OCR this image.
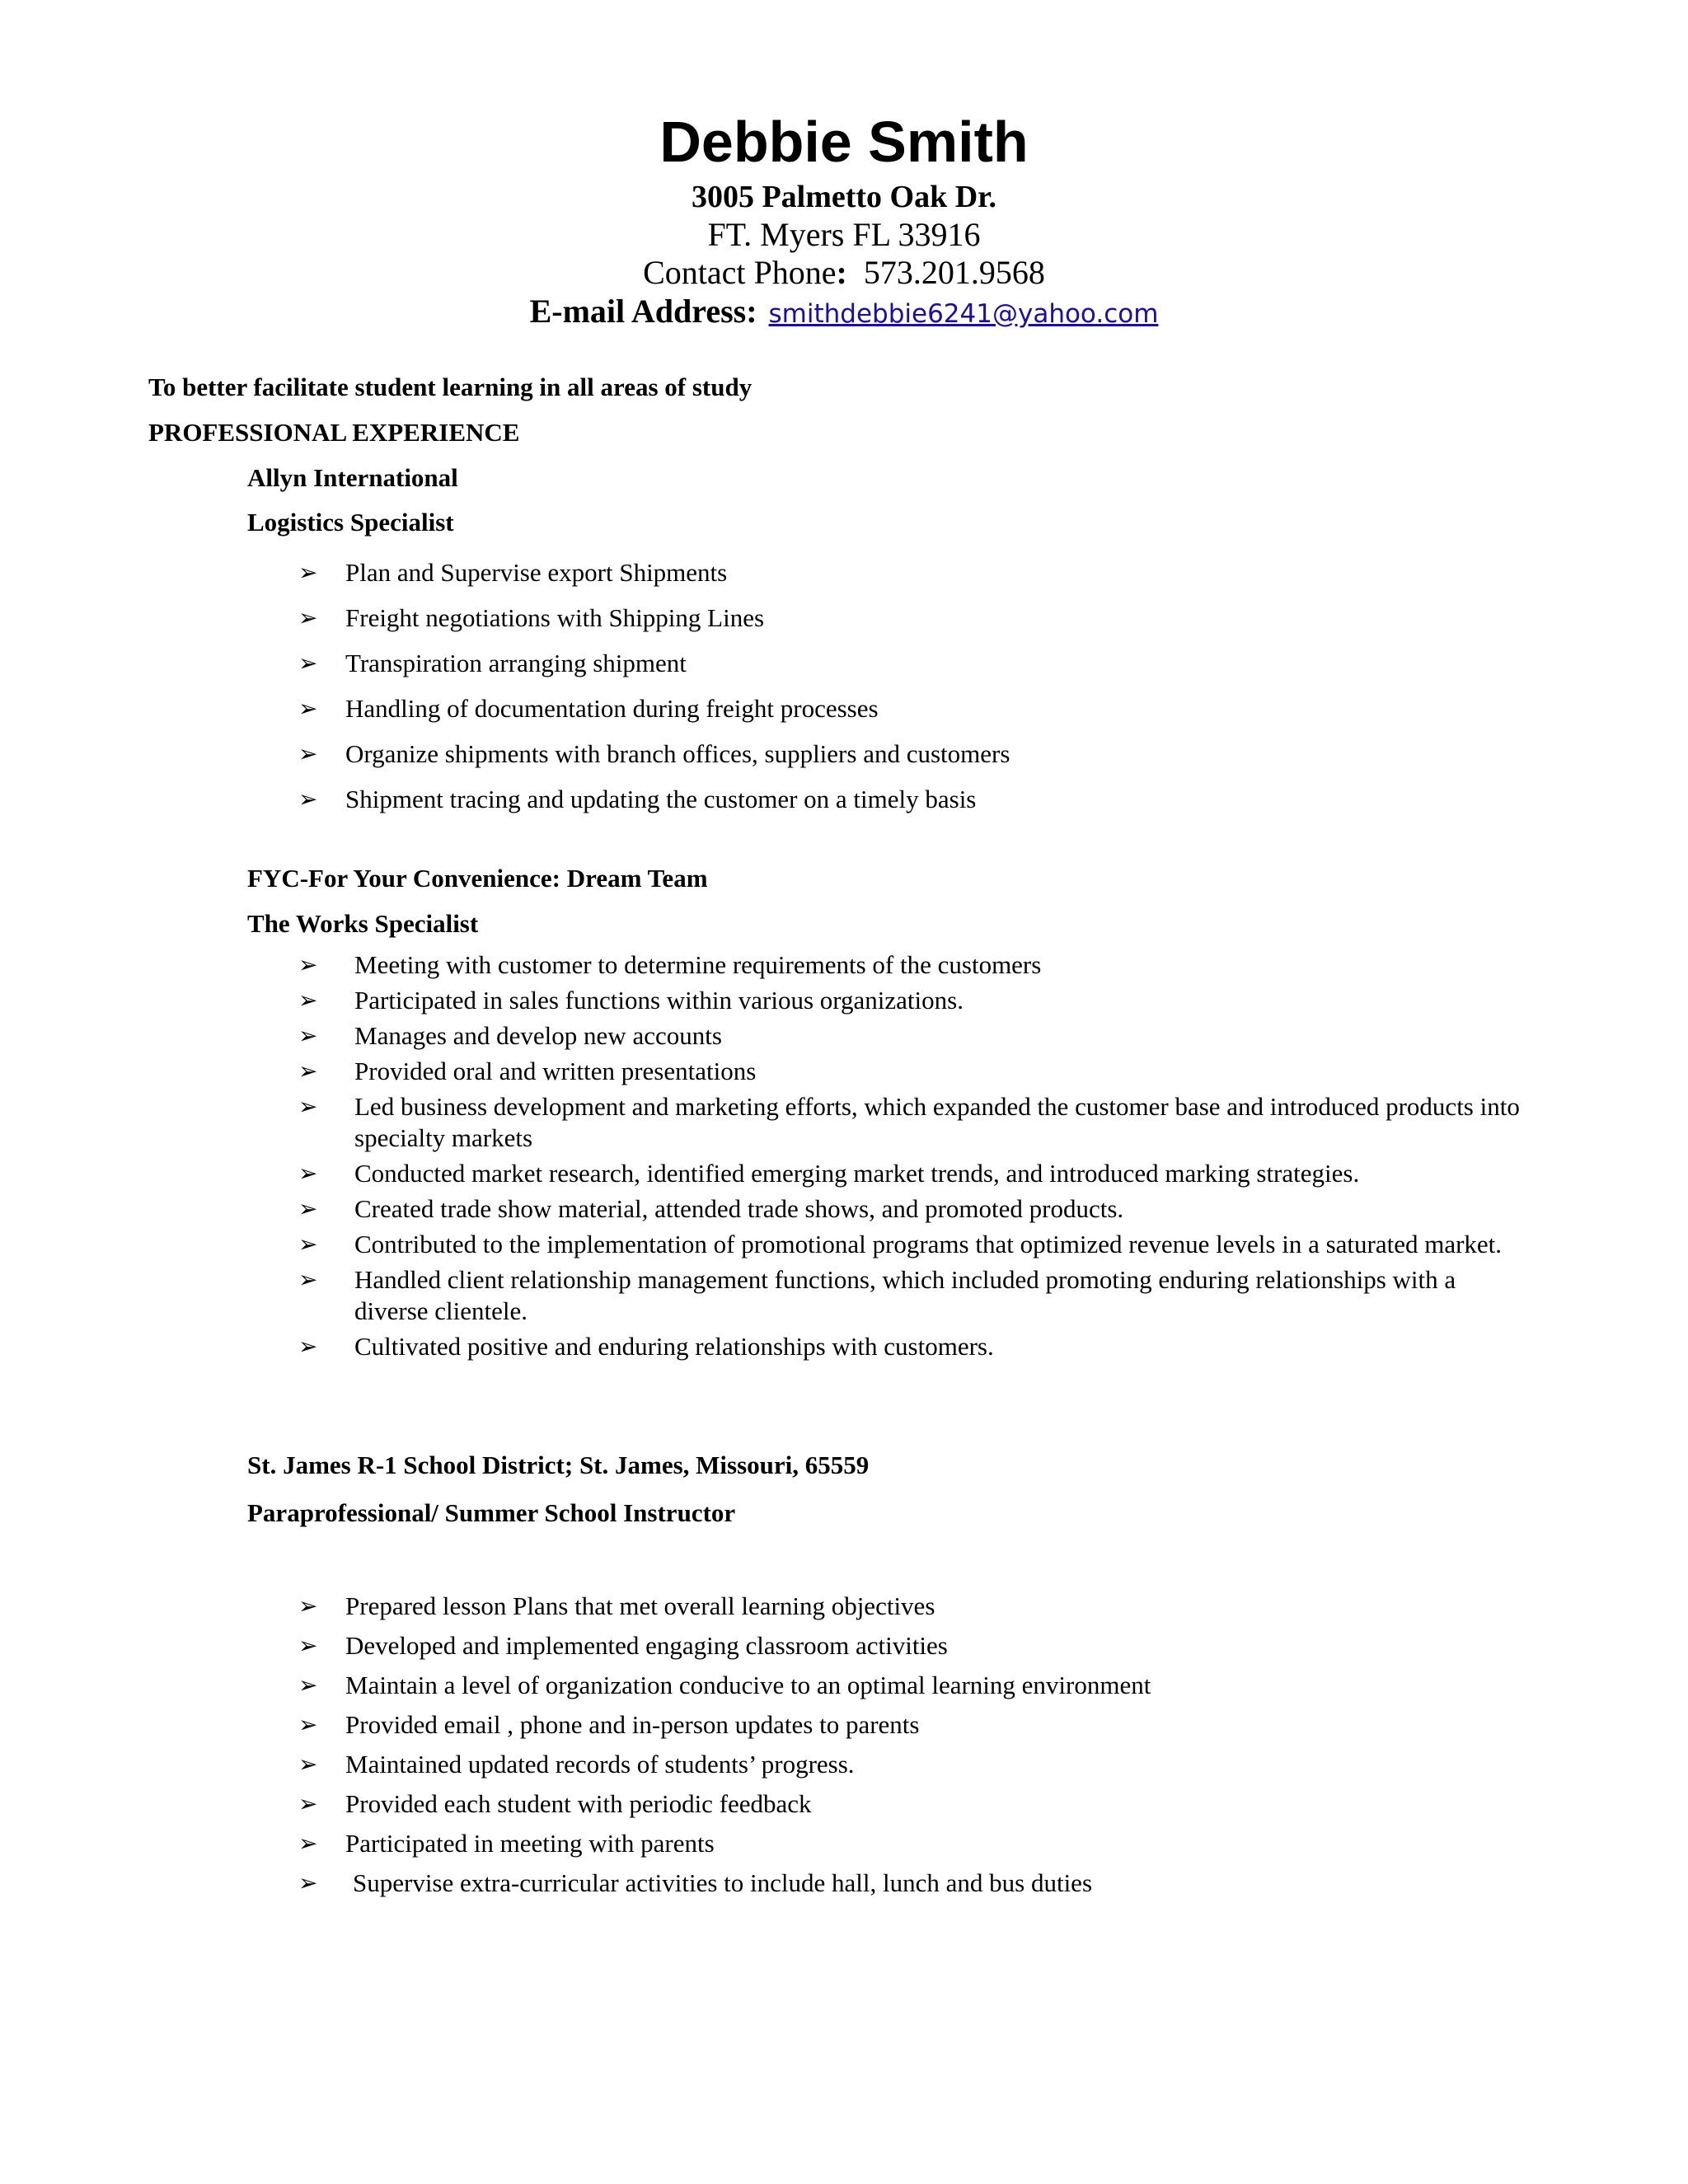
Debbie Smith

3005 Palmetto Oak Dr.

FT. Myers FL 33916

Contact Phone: 573.201.9568

E-mail Address: smithdebbie6241@yahoo.com

To better facilitate student learning in all areas of study
PROFESSIONAL EXPERIENCE
Allyn International
Logistics Specialist
➢ Plan and Supervise export Shipments
➢ Freight negotiations with Shipping Lines
➢ Transpiration arranging shipment
➢ Handling of documentation during freight processes
➢ Organize shipments with branch offices, suppliers and customers
➢ Shipment tracing and updating the customer on a timely basis
FYC-For Your Convenience: Dream Team
The Works Specialist
➢ Meeting with customer to determine requirements of the customers
➢ Participated in sales functions within various organizations.
➢ Manages and develop new accounts
➢ Provided oral and written presentations
➢ Led business development and marketing efforts, which expanded the customer base and introduced products into specialty markets
➢ Conducted market research, identified emerging market trends, and introduced marking strategies.
➢ Created trade show material, attended trade shows, and promoted products.
➢ Contributed to the implementation of promotional programs that optimized revenue levels in a saturated market.
➢ Handled client relationship management functions, which included promoting enduring relationships with a diverse clientele.
➢ Cultivated positive and enduring relationships with customers.
St. James R-1 School District; St. James, Missouri, 65559
Paraprofessional/ Summer School Instructor
➢ Prepared lesson Plans that met overall learning objectives
➢ Developed and implemented engaging classroom activities
➢ Maintain a level of organization conducive to an optimal learning environment
➢ Provided email , phone and in-person updates to parents
➢ Maintained updated records of students’ progress.
➢ Provided each student with periodic feedback
➢ Participated in meeting with parents
➢ Supervise extra-curricular activities to include hall, lunch and bus duties
